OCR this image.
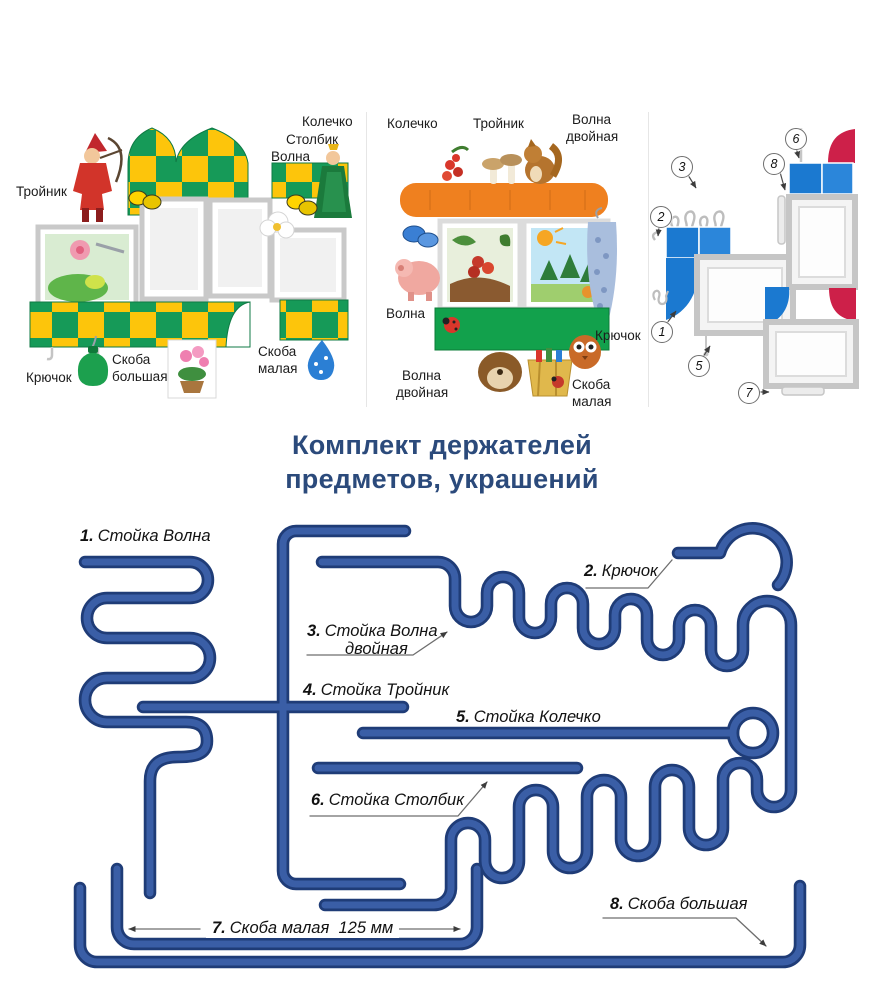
Колечко
Столбик
Волна
Тройник
Крючок
Скоба
большая
Скоба
малая
Колечко	Тройник	Волна
двойная
Волна
Крючок
Волна
двойная
Скоба
малая
1
2
3
5
6
7
8
Комплект держателей
предметов, украшений
1. Стойка Волна
2. Крючок
3. Стойка Волна
двойная
4. Стойка Тройник
5. Стойка Колечко
6. Стойка Столбик
7. Скоба малая 125 мм
8. Скоба большая
